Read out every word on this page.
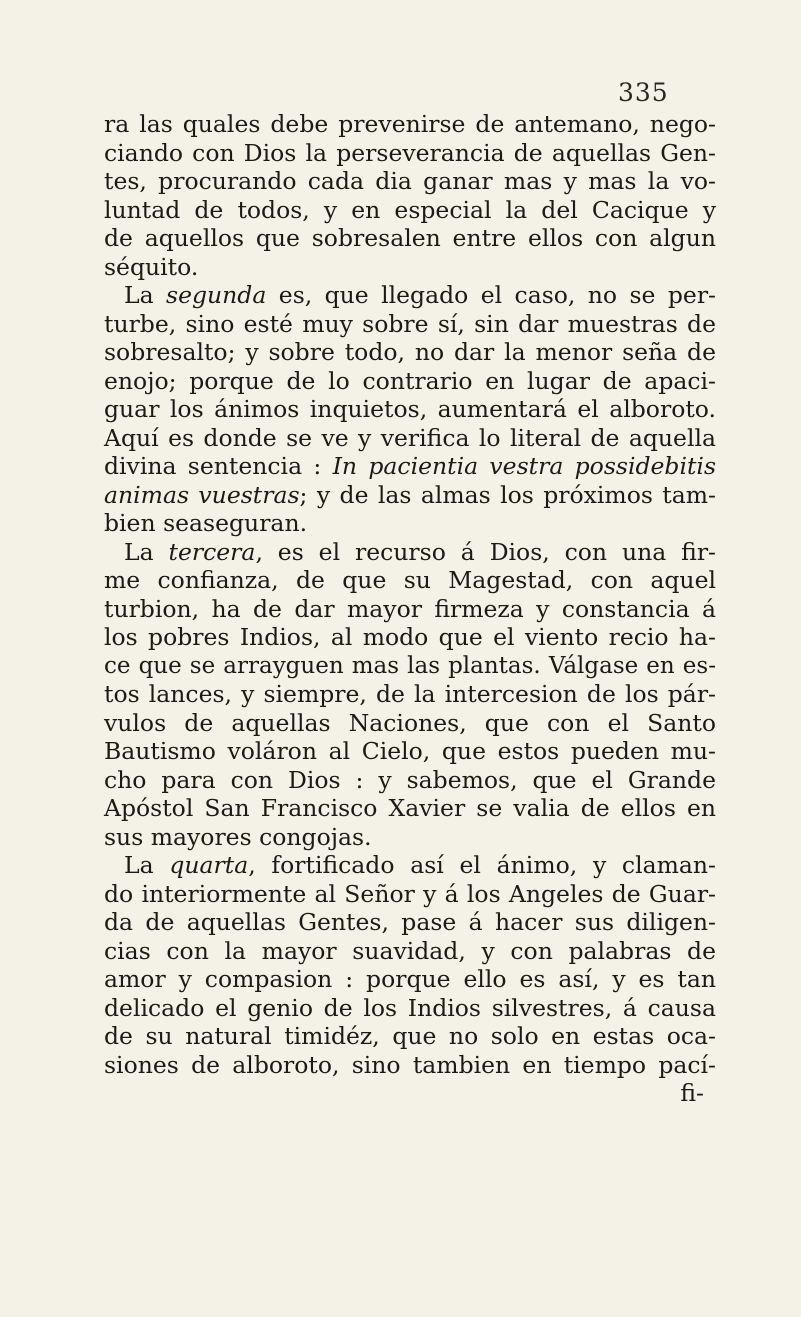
335
ra las quales debe prevenirse de antemano, nego-
ciando con Dios la perseverancia de aquellas Gen-
tes, procurando cada dia ganar mas y mas la vo-
luntad de todos, y en especial la del Cacique y
de aquellos que sobresalen entre ellos con algun
séquito.
La segunda es, que llegado el caso, no se per-
turbe, sino esté muy sobre sí, sin dar muestras de
sobresalto; y sobre todo, no dar la menor seña de
enojo; porque de lo contrario en lugar de apaci-
guar los ánimos inquietos, aumentará el alboroto.
Aquí es donde se ve y verifica lo literal de aquella
divina sentencia : In pacientia vestra possidebitis
animas vuestras; y de las almas los próximos tam-
bien seaseguran.
La tercera, es el recurso á Dios, con una fir-
me confianza, de que su Magestad, con aquel
turbion, ha de dar mayor firmeza y constancia á
los pobres Indios, al modo que el viento recio ha-
ce que se arrayguen mas las plantas. Válgase en es-
tos lances, y siempre, de la intercesion de los pár-
vulos de aquellas Naciones, que con el Santo
Bautismo voláron al Cielo, que estos pueden mu-
cho para con Dios : y sabemos, que el Grande
Apóstol San Francisco Xavier se valia de ellos en
sus mayores congojas.
La quarta, fortificado así el ánimo, y claman-
do interiormente al Señor y á los Angeles de Guar-
da de aquellas Gentes, pase á hacer sus diligen-
cias con la mayor suavidad, y con palabras de
amor y compasion : porque ello es así, y es tan
delicado el genio de los Indios silvestres, á causa
de su natural timidéz, que no solo en estas oca-
siones de alboroto, sino tambien en tiempo pací-
fi-
